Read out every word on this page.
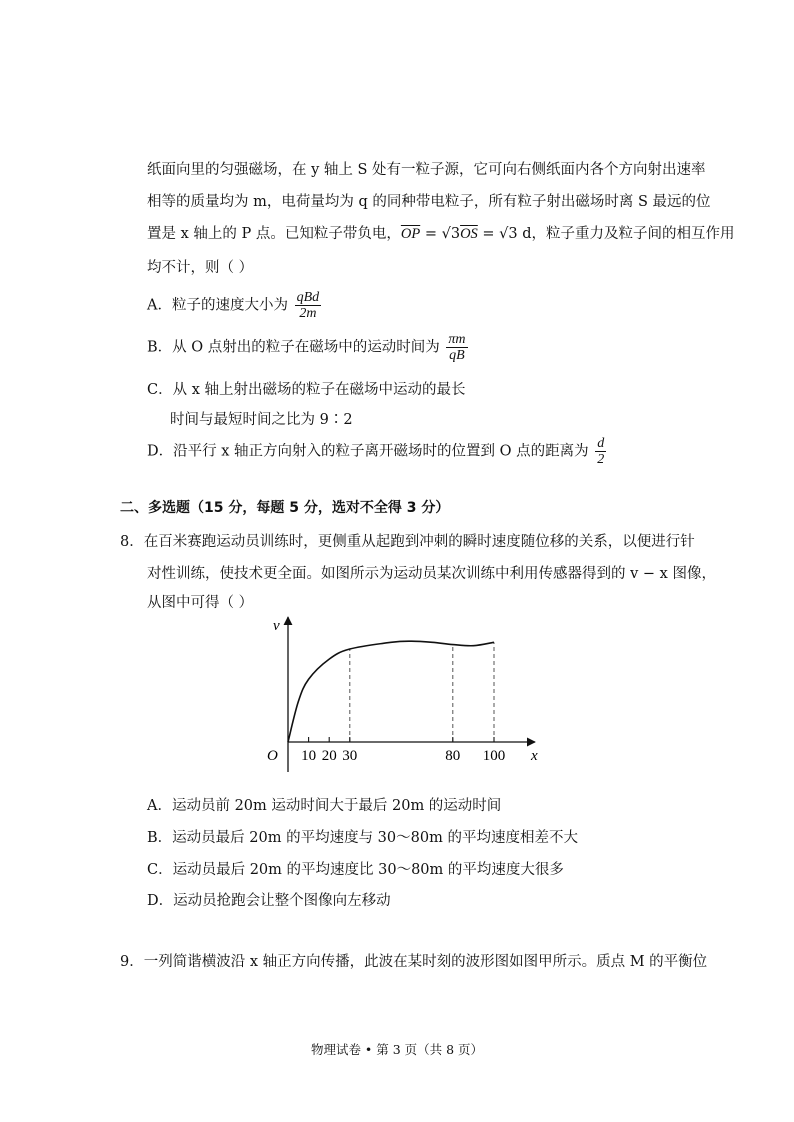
纸面向里的匀强磁场，在 y 轴上 S 处有一粒子源，它可向右侧纸面内各个方向射出速率
相等的质量均为 m，电荷量均为 q 的同种带电粒子，所有粒子射出磁场时离 S 最远的位
置是 x 轴上的 P 点。已知粒子带负电，$\overline{OP} = √3\overline{OS} = √3$ d，粒子重力及粒子间的相互作用
均不计，则（ ）
A．粒子的速度大小为 $\frac{\text{qBd}}{2m}$
B．从 O 点射出的粒子在磁场中的运动时间为 $\frac{\pi m}{qB}$
C．从 x 轴上射出磁场的粒子在磁场中运动的最长
时间与最短时间之比为 9∶2
D．沿平行 x 轴正方向射入的粒子离开磁场时的位置到 O 点的距离为 $\frac{d}{2}$
二、多选题（15 分，每题 5 分，选对不全得 3 分）
8．在百米赛跑运动员训练时，更侧重从起跑到冲刺的瞬时速度随位移的关系，以便进行针
对性训练，使技术更全面。如图所示为运动员某次训练中利用传感器得到的 v − x 图像，
从图中可得（ ）
10 20 30	80 100
v
x
O
A．运动员前 20m 运动时间大于最后 20m 的运动时间
B．运动员最后 20m 的平均速度与 30～80m 的平均速度相差不大
C．运动员最后 20m 的平均速度比 30～80m 的平均速度大很多
D．运动员抢跑会让整个图像向左移动
9．一列简谐横波沿 x 轴正方向传播，此波在某时刻的波形图如图甲所示。质点 M 的平衡位
物理试卷 • 第 3 页（共 8 页）
